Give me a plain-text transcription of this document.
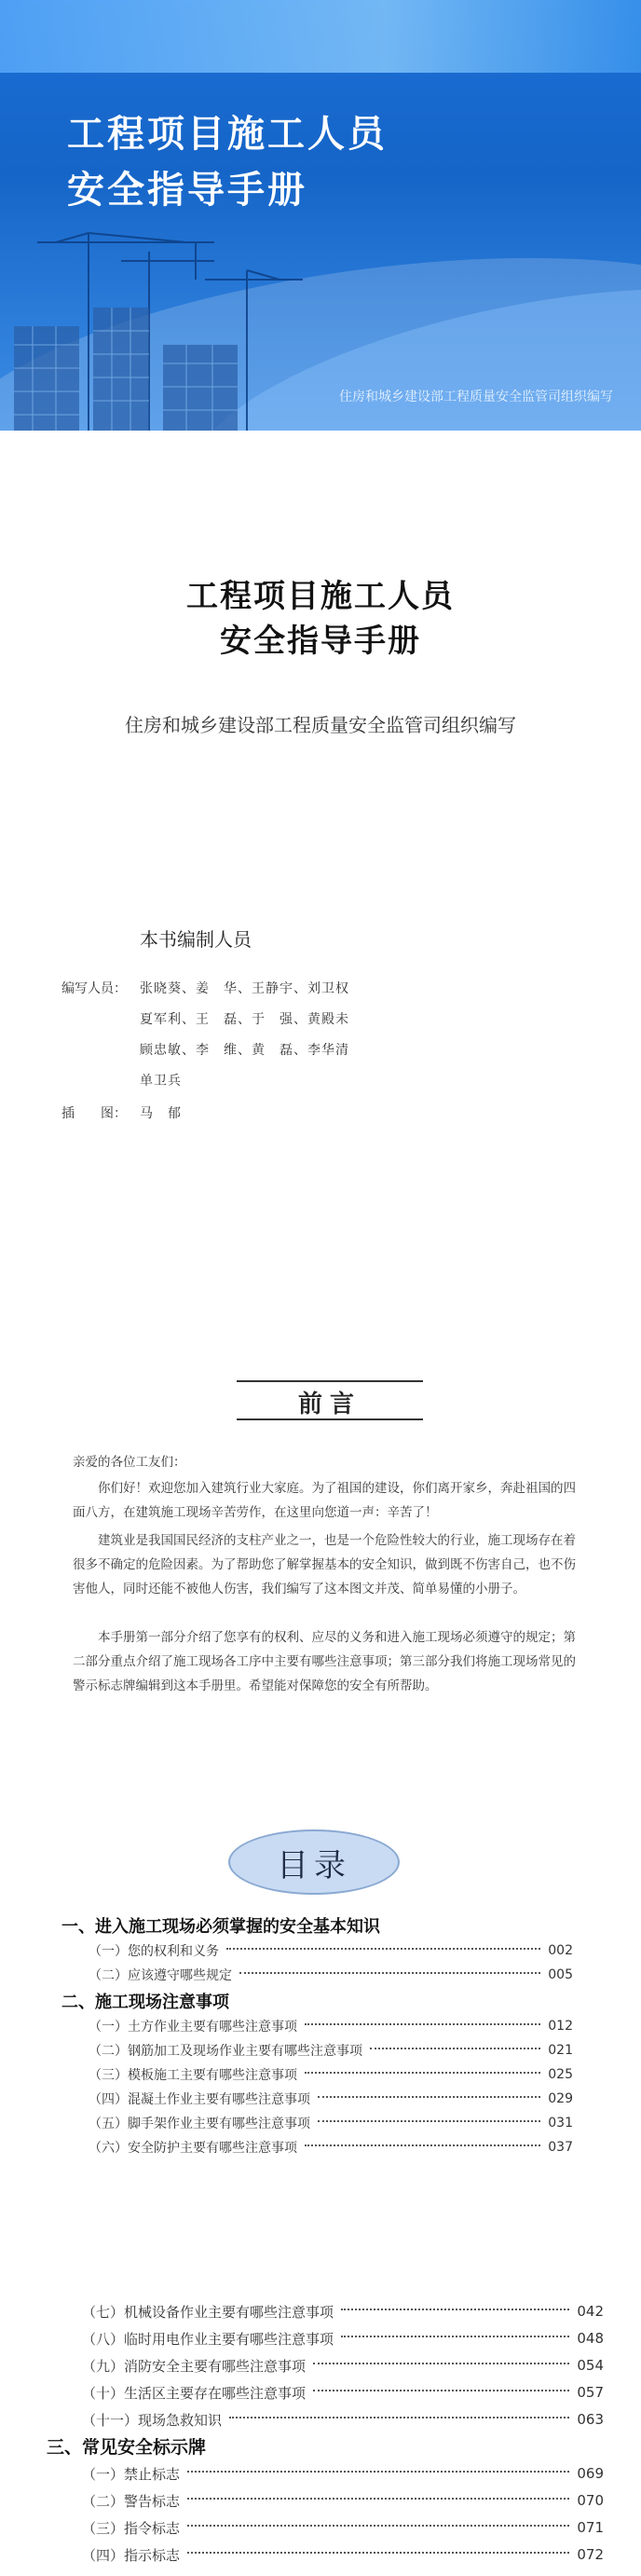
工程项目施工人员
安全指导手册
住房和城乡建设部工程质量安全监管司组织编写
工程项目施工人员
安全指导手册
住房和城乡建设部工程质量安全监管司组织编写
本书编制人员
编写人员： 张晓葵、姜　华、王静宇、刘卫权
夏军利、王　磊、于　强、黄殿未
顾忠敏、李　维、黄　磊、李华清
单卫兵
插　　图： 马　郁
前言

亲爱的各位工友们：

　　你们好！欢迎您加入建筑行业大家庭。为了祖国的建设，你们离开家乡，奔赴祖国的四面八方，在建筑施工现场辛苦劳作，在这里向您道一声：辛苦了！

　　建筑业是我国国民经济的支柱产业之一，也是一个危险性较大的行业，施工现场存在着很多不确定的危险因素。为了帮助您了解掌握基本的安全知识，做到既不伤害自己，也不伤害他人，同时还能不被他人伤害，我们编写了这本图文并茂、简单易懂的小册子。

　　本手册第一部分介绍了您享有的权利、应尽的义务和进入施工现场必须遵守的规定；第二部分重点介绍了施工现场各工序中主要有哪些注意事项；第三部分我们将施工现场常见的警示标志牌编辑到这本手册里。希望能对保障您的安全有所帮助。

目录
一、进入施工现场必须掌握的安全基本知识
（一）您的权利和义务	002
（二）应该遵守哪些规定	005
二、施工现场注意事项
（一）土方作业主要有哪些注意事项	012
（二）钢筋加工及现场作业主要有哪些注意事项	021
（三）模板施工主要有哪些注意事项	025
（四）混凝土作业主要有哪些注意事项	029
（五）脚手架作业主要有哪些注意事项	031
（六）安全防护主要有哪些注意事项	037
（七）机械设备作业主要有哪些注意事项	042
（八）临时用电作业主要有哪些注意事项	048
（九）消防安全主要有哪些注意事项	054
（十）生活区主要存在哪些注意事项	057
（十一）现场急救知识	063
三、常见安全标示牌
（一）禁止标志	069
（二）警告标志	070
（三）指令标志	071
（四）指示标志	072
